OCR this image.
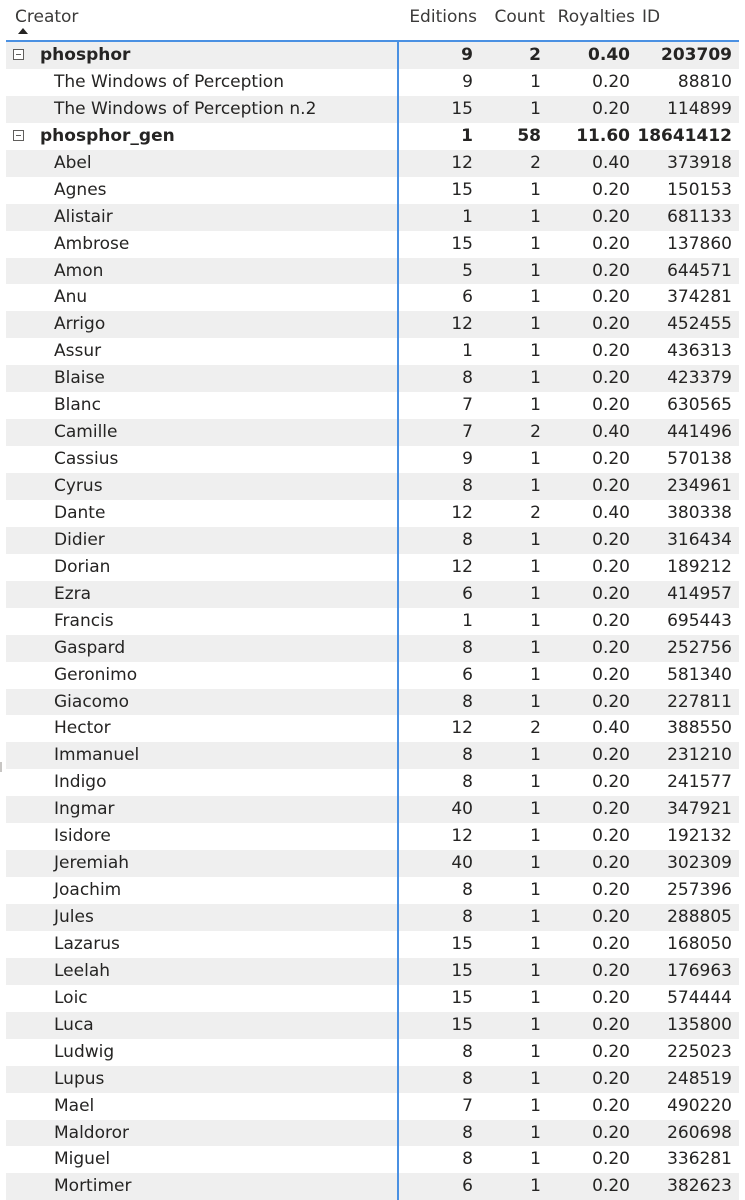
Creator	Editions Count Royalties ID
phosphor	9	2	0.40 203709
The Windows of Perception	9	1	0.20	88810
The Windows of Perception n.2	15	1	0.20 114899
phosphor_gen	1	58 11.60 18641412
Abel	12	2	0.40 373918
Agnes	15	1	0.20 150153
Alistair	1	1	0.20 681133
Ambrose	15	1	0.20 137860
Amon	5	1	0.20 644571
Anu	6	1	0.20 374281
Arrigo	12	1	0.20 452455
Assur	1	1	0.20 436313
Blaise	8	1	0.20 423379
Blanc	7	1	0.20 630565
Camille	7	2	0.40 441496
Cassius	9	1	0.20 570138
Cyrus	8	1	0.20 234961
Dante	12	2	0.40 380338
Didier	8	1	0.20 316434
Dorian	12	1	0.20 189212
Ezra	6	1	0.20 414957
Francis	1	1	0.20 695443
Gaspard	8	1	0.20 252756
Geronimo	6	1	0.20 581340
Giacomo	8	1	0.20 227811
Hector	12	2	0.40 388550
Immanuel	8	1	0.20 231210
Indigo	8	1	0.20 241577
Ingmar	40	1	0.20 347921
Isidore	12	1	0.20 192132
Jeremiah	40	1	0.20 302309
Joachim	8	1	0.20 257396
Jules	8	1	0.20 288805
Lazarus	15	1	0.20 168050
Leelah	15	1	0.20 176963
Loic	15	1	0.20 574444
Luca	15	1	0.20 135800
Ludwig	8	1	0.20 225023
Lupus	8	1	0.20 248519
Mael	7	1	0.20 490220
Maldoror	8	1	0.20 260698
Miguel	8	1	0.20 336281
Mortimer	6	1	0.20 382623
